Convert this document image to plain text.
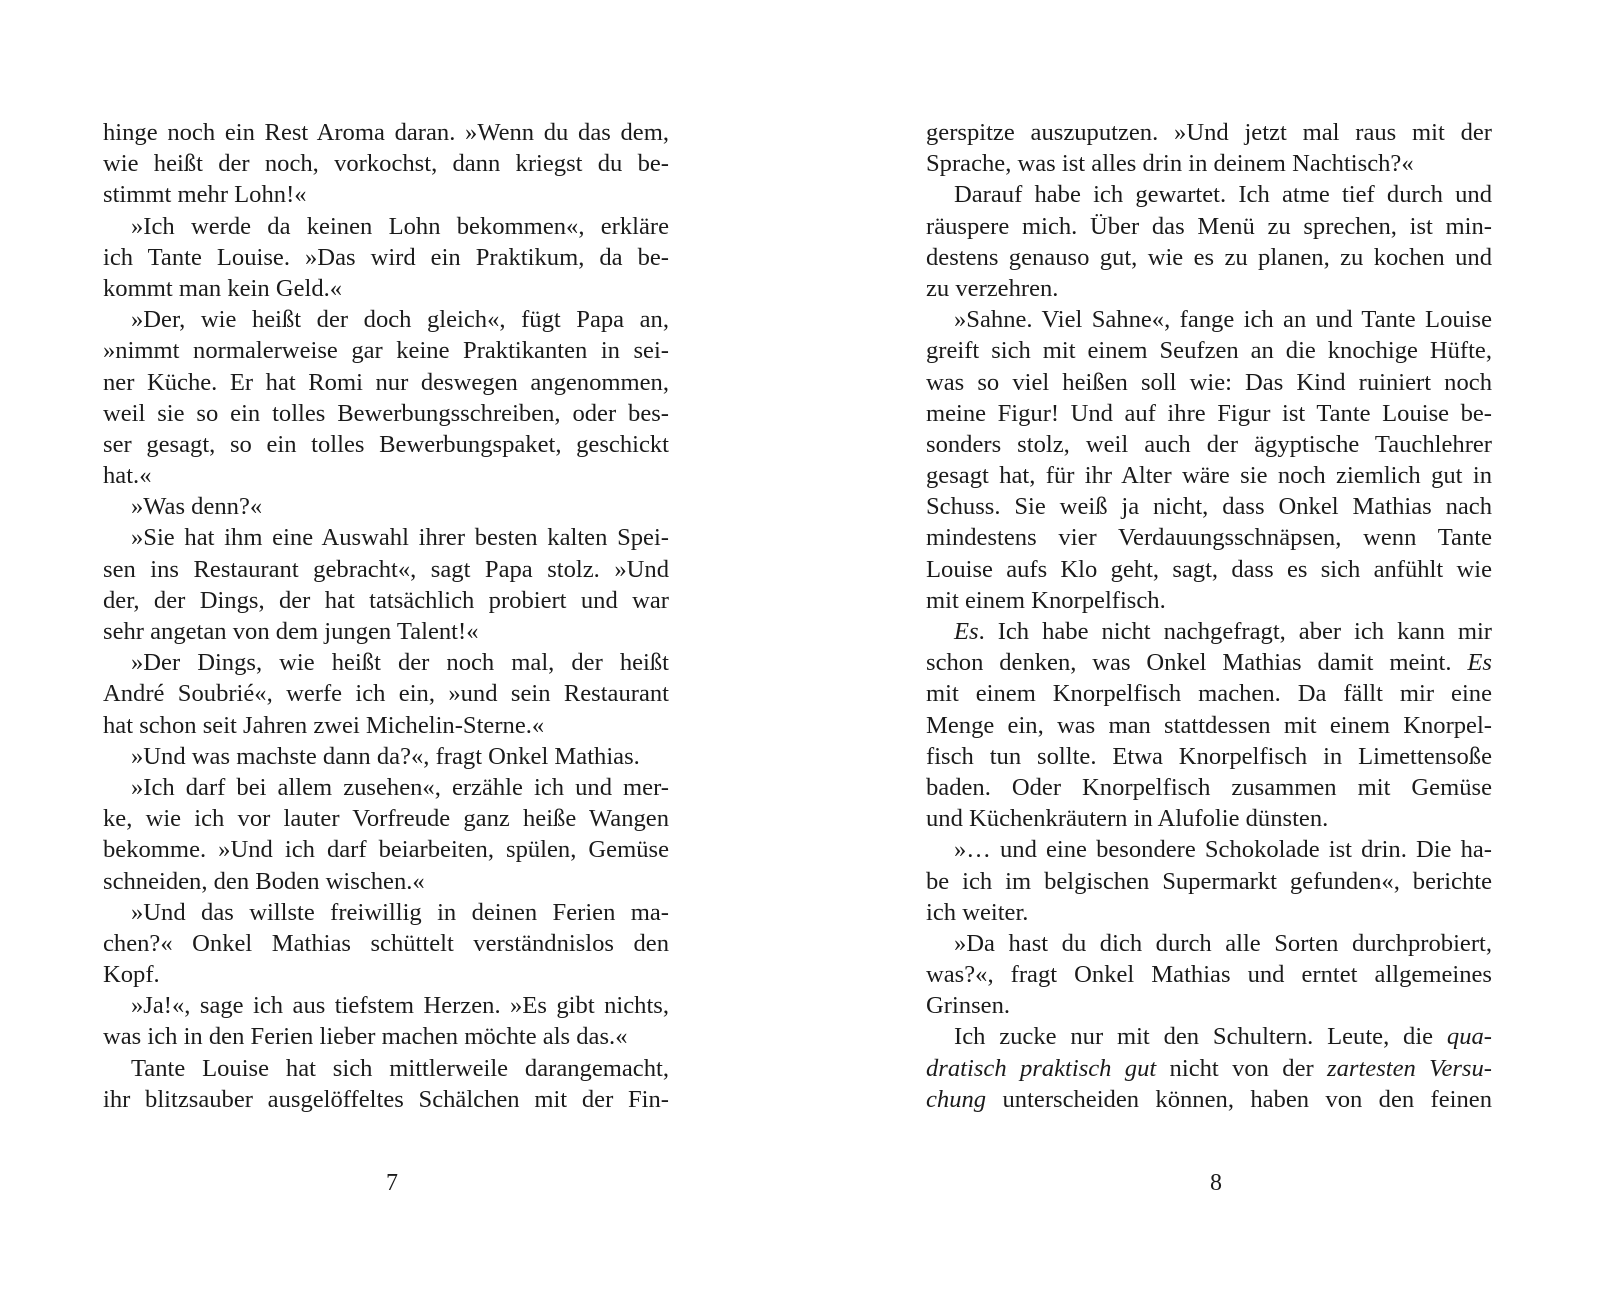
hinge noch ein Rest Aroma daran. »Wenn du das dem,
wie heißt der noch, vorkochst, dann kriegst du be-
stimmt mehr Lohn!«
»Ich werde da keinen Lohn bekommen«, erkläre
ich Tante Louise. »Das wird ein Praktikum, da be-
kommt man kein Geld.«
»Der, wie heißt der doch gleich«, fügt Papa an,
»nimmt normalerweise gar keine Praktikanten in sei-
ner Küche. Er hat Romi nur deswegen angenommen,
weil sie so ein tolles Bewerbungsschreiben, oder bes-
ser gesagt, so ein tolles Bewerbungspaket, geschickt
hat.«
»Was denn?«
»Sie hat ihm eine Auswahl ihrer besten kalten Spei-
sen ins Restaurant gebracht«, sagt Papa stolz. »Und
der, der Dings, der hat tatsächlich probiert und war
sehr angetan von dem jungen Talent!«
»Der Dings, wie heißt der noch mal, der heißt
André Soubrié«, werfe ich ein, »und sein Restaurant
hat schon seit Jahren zwei Michelin-Sterne.«
»Und was machste dann da?«, fragt Onkel Mathias.
»Ich darf bei allem zusehen«, erzähle ich und mer-
ke, wie ich vor lauter Vorfreude ganz heiße Wangen
bekomme. »Und ich darf beiarbeiten, spülen, Gemüse
schneiden, den Boden wischen.«
»Und das willste freiwillig in deinen Ferien ma-
chen?« Onkel Mathias schüttelt verständnislos den
Kopf.
»Ja!«, sage ich aus tiefstem Herzen. »Es gibt nichts,
was ich in den Ferien lieber machen möchte als das.«
Tante Louise hat sich mittlerweile darangemacht,
ihr blitzsauber ausgelöffeltes Schälchen mit der Fin-
7
gerspitze auszuputzen. »Und jetzt mal raus mit der
Sprache, was ist alles drin in deinem Nachtisch?«
Darauf habe ich gewartet. Ich atme tief durch und
räuspere mich. Über das Menü zu sprechen, ist min-
destens genauso gut, wie es zu planen, zu kochen und
zu verzehren.
»Sahne. Viel Sahne«, fange ich an und Tante Louise
greift sich mit einem Seufzen an die knochige Hüfte,
was so viel heißen soll wie: Das Kind ruiniert noch
meine Figur! Und auf ihre Figur ist Tante Louise be-
sonders stolz, weil auch der ägyptische Tauchlehrer
gesagt hat, für ihr Alter wäre sie noch ziemlich gut in
Schuss. Sie weiß ja nicht, dass Onkel Mathias nach
mindestens vier Verdauungsschnäpsen, wenn Tante
Louise aufs Klo geht, sagt, dass es sich anfühlt wie
mit einem Knorpelfisch.
Es. Ich habe nicht nachgefragt, aber ich kann mir
schon denken, was Onkel Mathias damit meint. Es
mit einem Knorpelfisch machen. Da fällt mir eine
Menge ein, was man stattdessen mit einem Knorpel-
fisch tun sollte. Etwa Knorpelfisch in Limettensoße
baden. Oder Knorpelfisch zusammen mit Gemüse
und Küchenkräutern in Alufolie dünsten.
»… und eine besondere Schokolade ist drin. Die ha-
be ich im belgischen Supermarkt gefunden«, berichte
ich weiter.
»Da hast du dich durch alle Sorten durchprobiert,
was?«, fragt Onkel Mathias und erntet allgemeines
Grinsen.
Ich zucke nur mit den Schultern. Leute, die qua-
dratisch praktisch gut nicht von der zartesten Versu-
chung unterscheiden können, haben von den feinen
8
